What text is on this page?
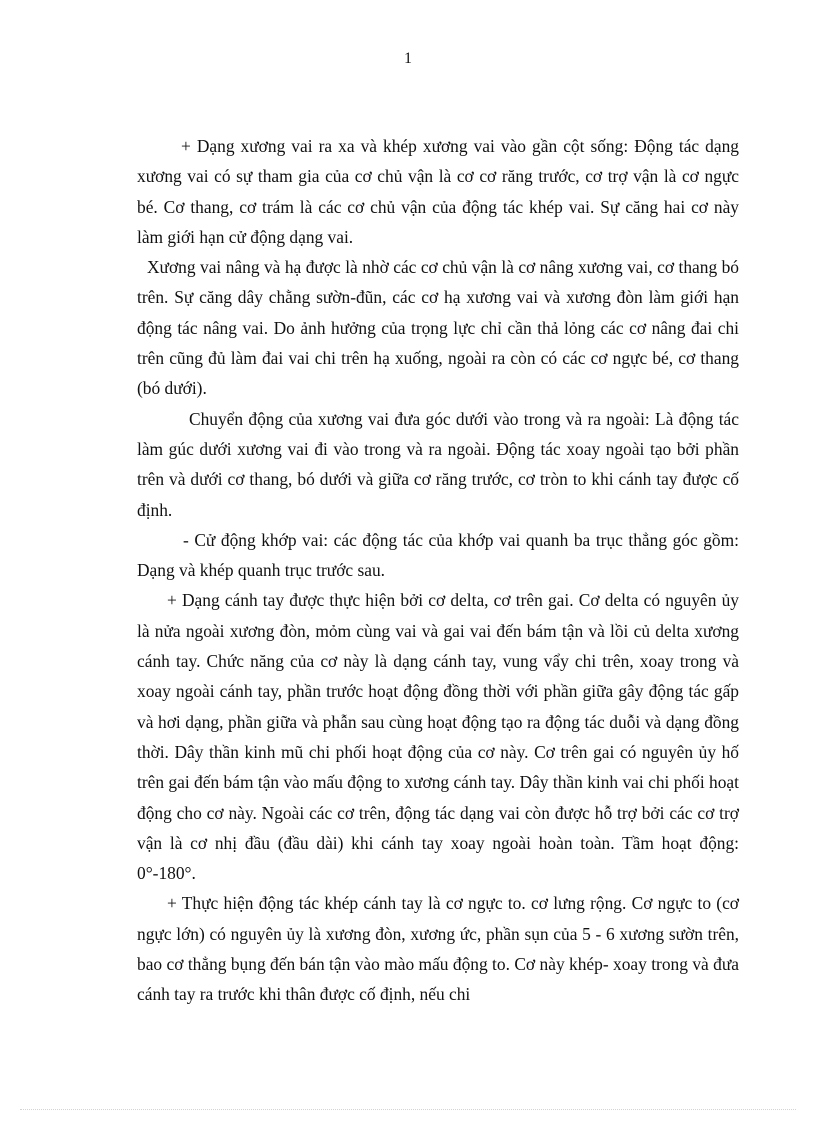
1

+ Dạng xương vai ra xa và khép xương vai vào gần cột sống: Động tác dạng xương vai có sự tham gia của cơ chủ vận là cơ cơ răng trước, cơ trợ vận là cơ ngực bé. Cơ thang, cơ trám là các cơ chủ vận của động tác khép vai. Sự căng hai cơ này làm giới hạn cử động dạng vai.

Xương vai nâng và hạ được là nhờ các cơ chủ vận là cơ nâng xương vai, cơ thang bó trên. Sự căng dây chằng sườn-đũn, các cơ hạ xương vai và xương đòn làm giới hạn động tác nâng vai. Do ảnh hưởng của trọng lực chỉ cần thả lỏng các cơ nâng đai chi trên cũng đủ làm đai vai chi trên hạ xuống, ngoài ra còn có các cơ ngực bé, cơ thang (bó dưới).

Chuyển động của xương vai đưa góc dưới vào trong và ra ngoài: Là động tác làm gúc dưới xương vai đi vào trong và ra ngoài. Động tác xoay ngoài tạo bởi phần trên và dưới cơ thang, bó dưới và giữa cơ răng trước, cơ tròn to khi cánh tay được cố định.

- Cử động khớp vai: các động tác của khớp vai quanh ba trục thẳng góc gồm: Dạng và khép quanh trục trước sau.

+ Dạng cánh tay được thực hiện bởi cơ delta, cơ trên gai. Cơ delta có nguyên ủy là nửa ngoài xương đòn, mỏm cùng vai và gai vai đến bám tận và lồi củ delta xương cánh tay. Chức năng của cơ này là dạng cánh tay, vung vẩy chi trên, xoay trong và xoay ngoài cánh tay, phần trước hoạt động đồng thời với phần giữa gây động tác gấp và hơi dạng, phần giữa và phẫn sau cùng hoạt động tạo ra động tác duỗi và dạng đồng thời. Dây thần kinh mũ chi phối hoạt động của cơ này. Cơ trên gai có nguyên ủy hố trên gai đến bám tận vào mấu động to xương cánh tay. Dây thần kinh vai chi phối hoạt động cho cơ này. Ngoài các cơ trên, động tác dạng vai còn được hỗ trợ bởi các cơ trợ vận là cơ nhị đầu (đầu dài) khi cánh tay xoay ngoài hoàn toàn. Tầm hoạt động: 0°-180°.

+ Thực hiện động tác khép cánh tay là cơ ngực to. cơ lưng rộng. Cơ ngực to (cơ ngực lớn) có nguyên ủy là xương đòn, xương ức, phần sụn của 5 - 6 xương sườn trên, bao cơ thẳng bụng đến bán tận vào mào mấu động to. Cơ này khép- xoay trong và đưa cánh tay ra trước khi thân được cố định, nếu chi
